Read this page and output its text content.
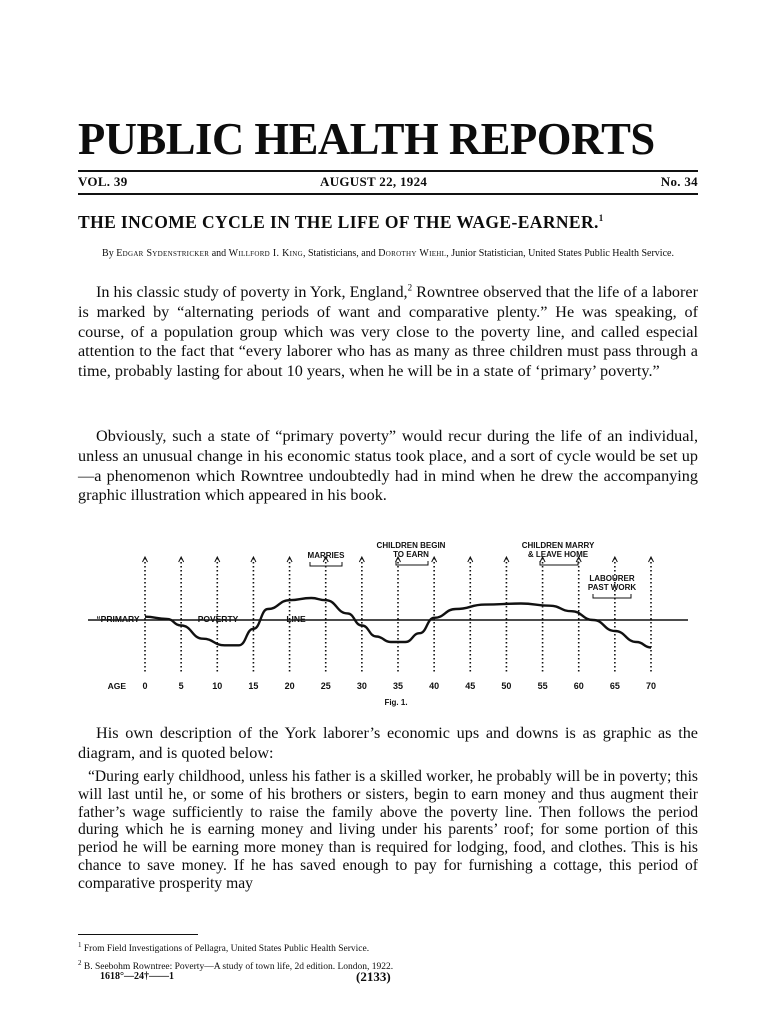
PUBLIC HEALTH REPORTS
VOL. 39	AUGUST 22, 1924	No. 34
THE INCOME CYCLE IN THE LIFE OF THE WAGE-EARNER.$^1$
By Edgar Sydenstricker and Willford I. King, Statisticians, and Dorothy Wiehl, Junior Statistician, United States Public Health Service.
In his classic study of poverty in York, England,$^2$ Rowntree observed that the life of a laborer is marked by “alternating periods of want and comparative plenty.” He was speaking, of course, of a population group which was very close to the poverty line, and called especial attention to the fact that “every laborer who has as many as three children must pass through a time, probably lasting for about 10 years, when he will be in a state of ‘primary’ poverty.”
Obviously, such a state of “primary poverty” would recur during the life of an individual, unless an unusual change in his economic status took place, and a sort of cycle would be set up—a phenomenon which Rowntree undoubtedly had in mind when he drew the accompanying graphic illustration which appeared in his book.
“PRIMARY	POVERTY	LINE
MARRIES
CHILDREN BEGIN
TO EARN
CHILDREN MARRY
& LEAVE HOME
LABOURER
PAST WORK
AGE 0	5	10	15	20	25	30	35	40	45	50	55	60	65	70
Fig. 1.
His own description of the York laborer’s economic ups and downs is as graphic as the diagram, and is quoted below:
“During early childhood, unless his father is a skilled worker, he probably will be in poverty; this will last until he, or some of his brothers or sisters, begin to earn money and thus augment their father’s wage sufficiently to raise the family above the poverty line. Then follows the period during which he is earning money and living under his parents’ roof; for some portion of this period he will be earning more money than is required for lodging, food, and clothes. This is his chance to save money. If he has saved enough to pay for furnishing a cottage, this period of comparative prosperity may
$^1$ From Field Investigations of Pellagra, United States Public Health Service.
$^2$ B. Seebohm Rowntree: Poverty—A study of town life, 2d edition. London, 1922.
1618°—24†——1	(2133)
